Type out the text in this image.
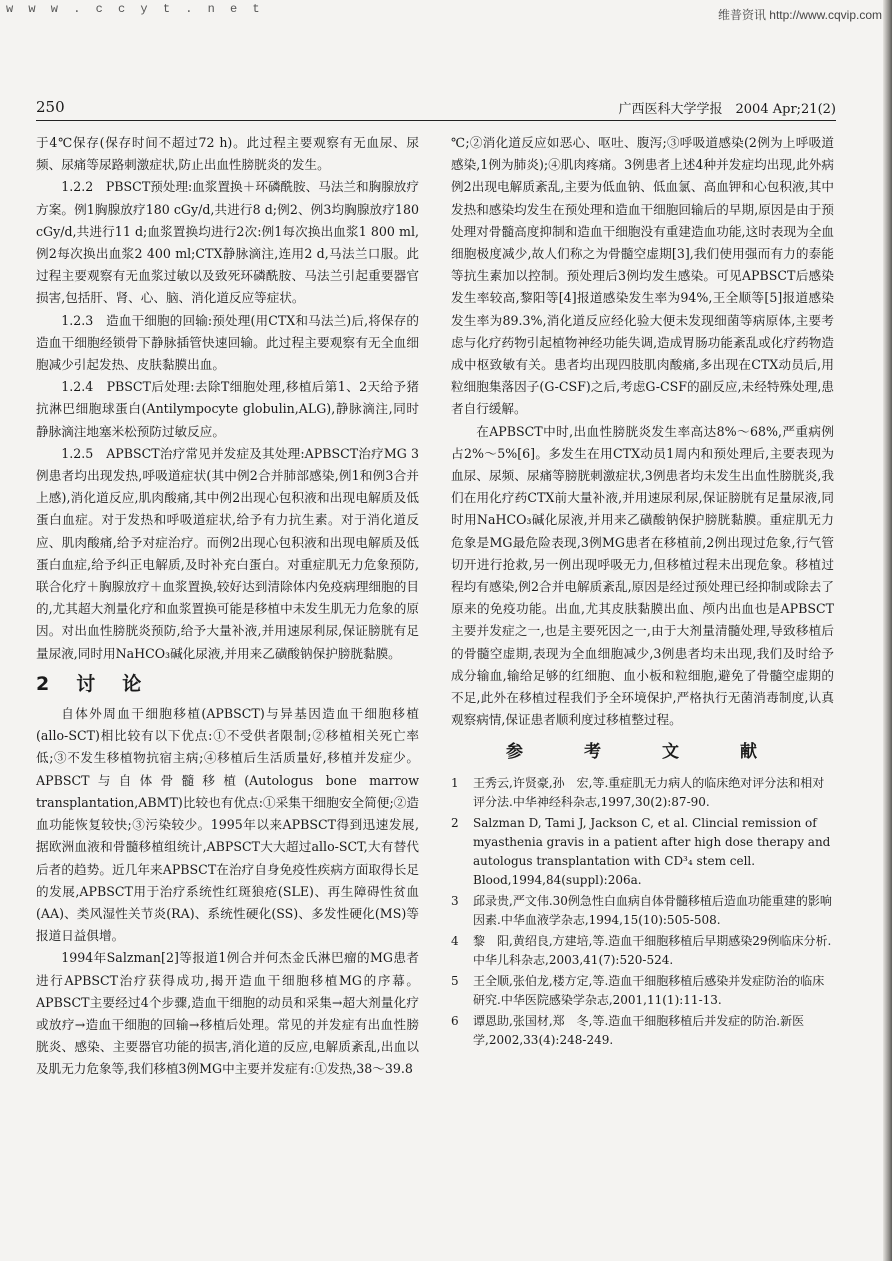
w w w . c c y t . n e t	维普资讯 http://www.cqvip.com
250	广西医科大学学报　2004 Apr;21(2)

于4℃保存(保存时间不超过72 h)。此过程主要观察有无血尿、尿频、尿痛等尿路刺激症状,防止出血性膀胱炎的发生。

1.2.2　PBSCT预处理:血浆置换＋环磷酰胺、马法兰和胸腺放疗方案。例1胸腺放疗180 cGy/d,共进行8 d;例2、例3均胸腺放疗180 cGy/d,共进行11 d;血浆置换均进行2次:例1每次换出血浆1 800 ml,例2每次换出血浆2 400 ml;CTX静脉滴注,连用2 d,马法兰口服。此过程主要观察有无血浆过敏以及致死环磷酰胺、马法兰引起重要器官损害,包括肝、肾、心、脑、消化道反应等症状。

1.2.3　造血干细胞的回输:预处理(用CTX和马法兰)后,将保存的造血干细胞经锁骨下静脉插管快速回输。此过程主要观察有无全血细胞减少引起发热、皮肤黏膜出血。

1.2.4　PBSCT后处理:去除T细胞处理,移植后第1、2天给予猪抗淋巴细胞球蛋白(Antilympocyte globulin,ALG),静脉滴注,同时静脉滴注地塞米松预防过敏反应。

1.2.5　APBSCT治疗常见并发症及其处理:APBSCT治疗MG 3例患者均出现发热,呼吸道症状(其中例2合并肺部感染,例1和例3合并上感),消化道反应,肌肉酸痛,其中例2出现心包积液和出现电解质及低蛋白血症。对于发热和呼吸道症状,给予有力抗生素。对于消化道反应、肌肉酸痛,给予对症治疗。而例2出现心包积液和出现电解质及低蛋白血症,给予纠正电解质,及时补充白蛋白。对重症肌无力危象预防,联合化疗＋胸腺放疗＋血浆置换,较好达到清除体内免疫病理细胞的目的,尤其超大剂量化疗和血浆置换可能是移植中未发生肌无力危象的原因。对出血性膀胱炎预防,给予大量补液,并用速尿利尿,保证膀胱有足量尿液,同时用NaHCO₃碱化尿液,并用来乙磺酸钠保护膀胱黏膜。

2　讨　论

自体外周血干细胞移植(APBSCT)与异基因造血干细胞移植(allo-SCT)相比较有以下优点:①不受供者限制;②移植相关死亡率低;③不发生移植物抗宿主病;④移植后生活质量好,移植并发症少。APBSCT与自体骨髓移植(Autologus bone marrow transplantation,ABMT)比较也有优点:①采集干细胞安全简便;②造血功能恢复较快;③污染较少。1995年以来APBSCT得到迅速发展,据欧洲血液和骨髓移植组统计,ABPSCT大大超过allo-SCT,大有替代后者的趋势。近几年来APBSCT在治疗自身免疫性疾病方面取得长足的发展,APBSCT用于治疗系统性红斑狼疮(SLE)、再生障碍性贫血(AA)、类风湿性关节炎(RA)、系统性硬化(SS)、多发性硬化(MS)等报道日益俱增。

1994年Salzman[2]等报道1例合并何杰金氏淋巴瘤的MG患者进行APBSCT治疗获得成功,揭开造血干细胞移植MG的序幕。APBSCT主要经过4个步骤,造血干细胞的动员和采集→超大剂量化疗或放疗→造血干细胞的回输→移植后处理。常见的并发症有出血性膀胱炎、感染、主要器官功能的损害,消化道的反应,电解质紊乱,出血以及肌无力危象等,我们移植3例MG中主要并发症有:①发热,38～39.8

℃;②消化道反应如恶心、呕吐、腹泻;③呼吸道感染(2例为上呼吸道感染,1例为肺炎);④肌肉疼痛。3例患者上述4种并发症均出现,此外病例2出现电解质紊乱,主要为低血钠、低血氯、高血钾和心包积液,其中发热和感染均发生在预处理和造血干细胞回输后的早期,原因是由于预处理对骨髓高度抑制和造血干细胞没有重建造血功能,这时表现为全血细胞极度减少,故人们称之为骨髓空虚期[3],我们使用强而有力的泰能等抗生素加以控制。预处理后3例均发生感染。可见APBSCT后感染发生率较高,黎阳等[4]报道感染发生率为94%,王全顺等[5]报道感染发生率为89.3%,消化道反应经化验大便未发现细菌等病原体,主要考虑与化疗药物引起植物神经功能失调,造成胃肠功能紊乱或化疗药物造成中枢致敏有关。患者均出现四肢肌肉酸痛,多出现在CTX动员后,用粒细胞集落因子(G-CSF)之后,考虑G-CSF的副反应,未经特殊处理,患者自行缓解。

在APBSCT中时,出血性膀胱炎发生率高达8%～68%,严重病例占2%～5%[6]。多发生在用CTX动员1周内和预处理后,主要表现为血尿、尿频、尿痛等膀胱刺激症状,3例患者均未发生出血性膀胱炎,我们在用化疗药CTX前大量补液,并用速尿利尿,保证膀胱有足量尿液,同时用NaHCO₃碱化尿液,并用来乙磺酸钠保护膀胱黏膜。重症肌无力危象是MG最危险表现,3例MG患者在移植前,2例出现过危象,行气管切开进行抢救,另一例出现呼吸无力,但移植过程未出现危象。移植过程均有感染,例2合并电解质紊乱,原因是经过预处理已经抑制或除去了原来的免疫功能。出血,尤其皮肤黏膜出血、颅内出血也是APBSCT主要并发症之一,也是主要死因之一,由于大剂量清髓处理,导致移植后的骨髓空虚期,表现为全血细胞减少,3例患者均未出现,我们及时给予成分输血,输给足够的红细胞、血小板和粒细胞,避免了骨髓空虚期的不足,此外在移植过程我们予全环境保护,严格执行无菌消毒制度,认真观察病情,保证患者顺利度过移植整过程。

参　考　文　献
1	王秀云,许贤豪,孙　宏,等.重症肌无力病人的临床绝对评分法和相对评分法.中华神经科杂志,1997,30(2):87-90.
2	Salzman D, Tami J, Jackson C, et al. Clincial remission of myasthenia gravis in a patient after high dose therapy and autologus transplantation with CD³₄ stem cell. Blood,1994,84(suppl):206a.
3	邱录贵,严文伟.30例急性白血病自体骨髓移植后造血功能重建的影响因素.中华血液学杂志,1994,15(10):505-508.
4	黎　阳,黄绍良,方建培,等.造血干细胞移植后早期感染29例临床分析.中华儿科杂志,2003,41(7):520-524.
5	王全顺,张伯龙,楼方定,等.造血干细胞移植后感染并发症防治的临床研究.中华医院感染学杂志,2001,11(1):11-13.
6	谭恩助,张国材,郑　冬,等.造血干细胞移植后并发症的防治.新医学,2002,33(4):248-249.
